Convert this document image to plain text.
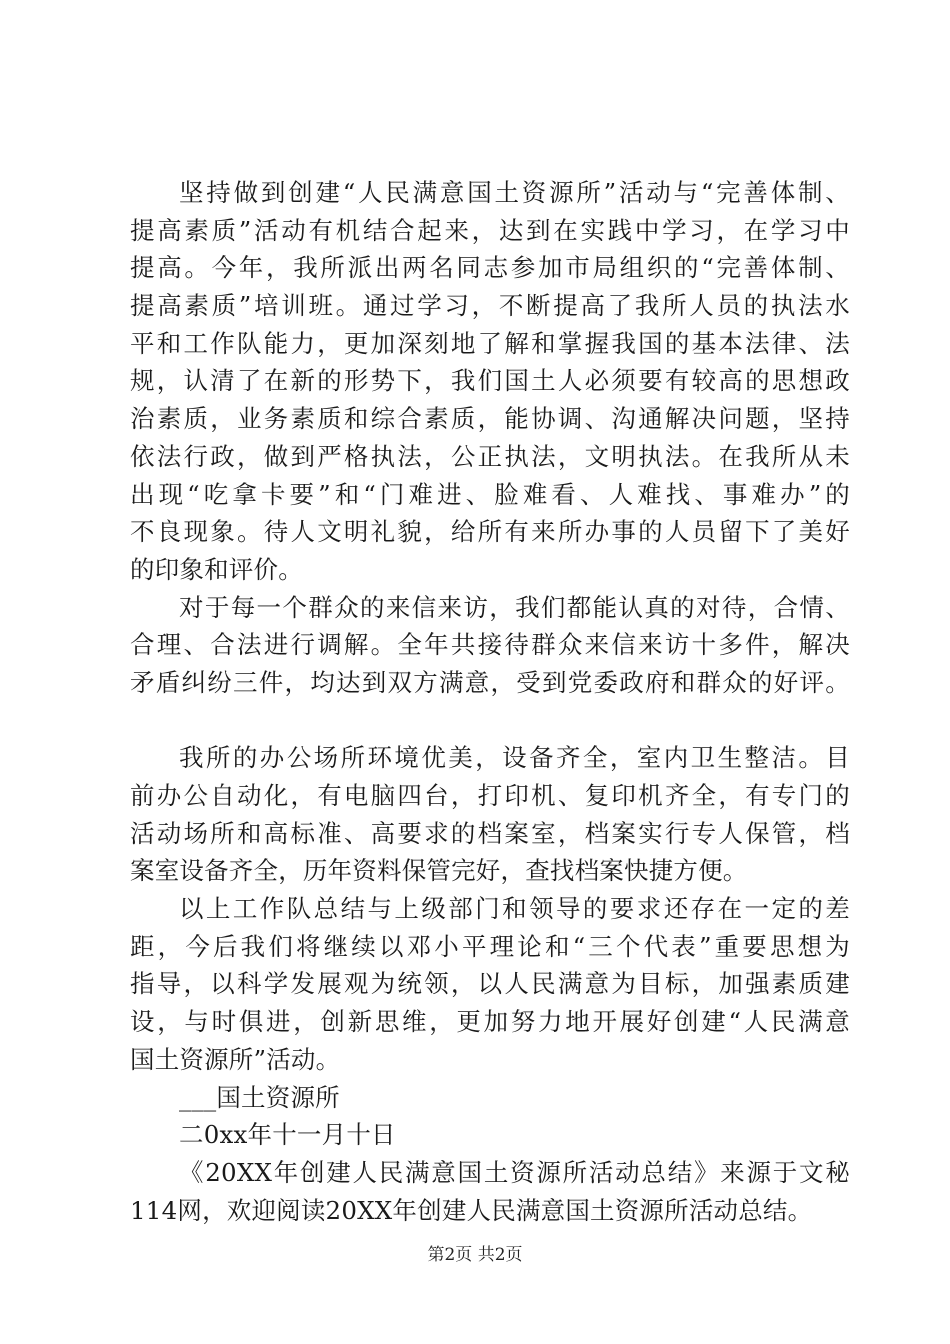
坚持做到创建“人民满意国土资源所”活动与“完善体制、
提高素质”活动有机结合起来，达到在实践中学习，在学习中
提高。今年，我所派出两名同志参加市局组织的“完善体制、
提高素质”培训班。通过学习，不断提高了我所人员的执法水
平和工作队能力，更加深刻地了解和掌握我国的基本法律、法
规，认清了在新的形势下，我们国土人必须要有较高的思想政
治素质，业务素质和综合素质，能协调、沟通解决问题，坚持
依法行政，做到严格执法，公正执法，文明执法。在我所从未
出现“吃拿卡要”和“门难进、脸难看、人难找、事难办”的
不良现象。待人文明礼貌，给所有来所办事的人员留下了美好
的印象和评价。
对于每一个群众的来信来访，我们都能认真的对待，合情、
合理、合法进行调解。全年共接待群众来信来访十多件，解决
矛盾纠纷三件，均达到双方满意，受到党委政府和群众的好评。
我所的办公场所环境优美，设备齐全，室内卫生整洁。目
前办公自动化，有电脑四台，打印机、复印机齐全，有专门的
活动场所和高标准、高要求的档案室，档案实行专人保管，档
案室设备齐全，历年资料保管完好，查找档案快捷方便。
以上工作队总结与上级部门和领导的要求还存在一定的差
距，今后我们将继续以邓小平理论和“三个代表”重要思想为
指导，以科学发展观为统领，以人民满意为目标，加强素质建
设，与时俱进，创新思维，更加努力地开展好创建“人民满意
国土资源所”活动。
___国土资源所
二0xx年十一月十日
《20XX年创建人民满意国土资源所活动总结》来源于文秘
114网，欢迎阅读20XX年创建人民满意国土资源所活动总结。
第2页 共2页
